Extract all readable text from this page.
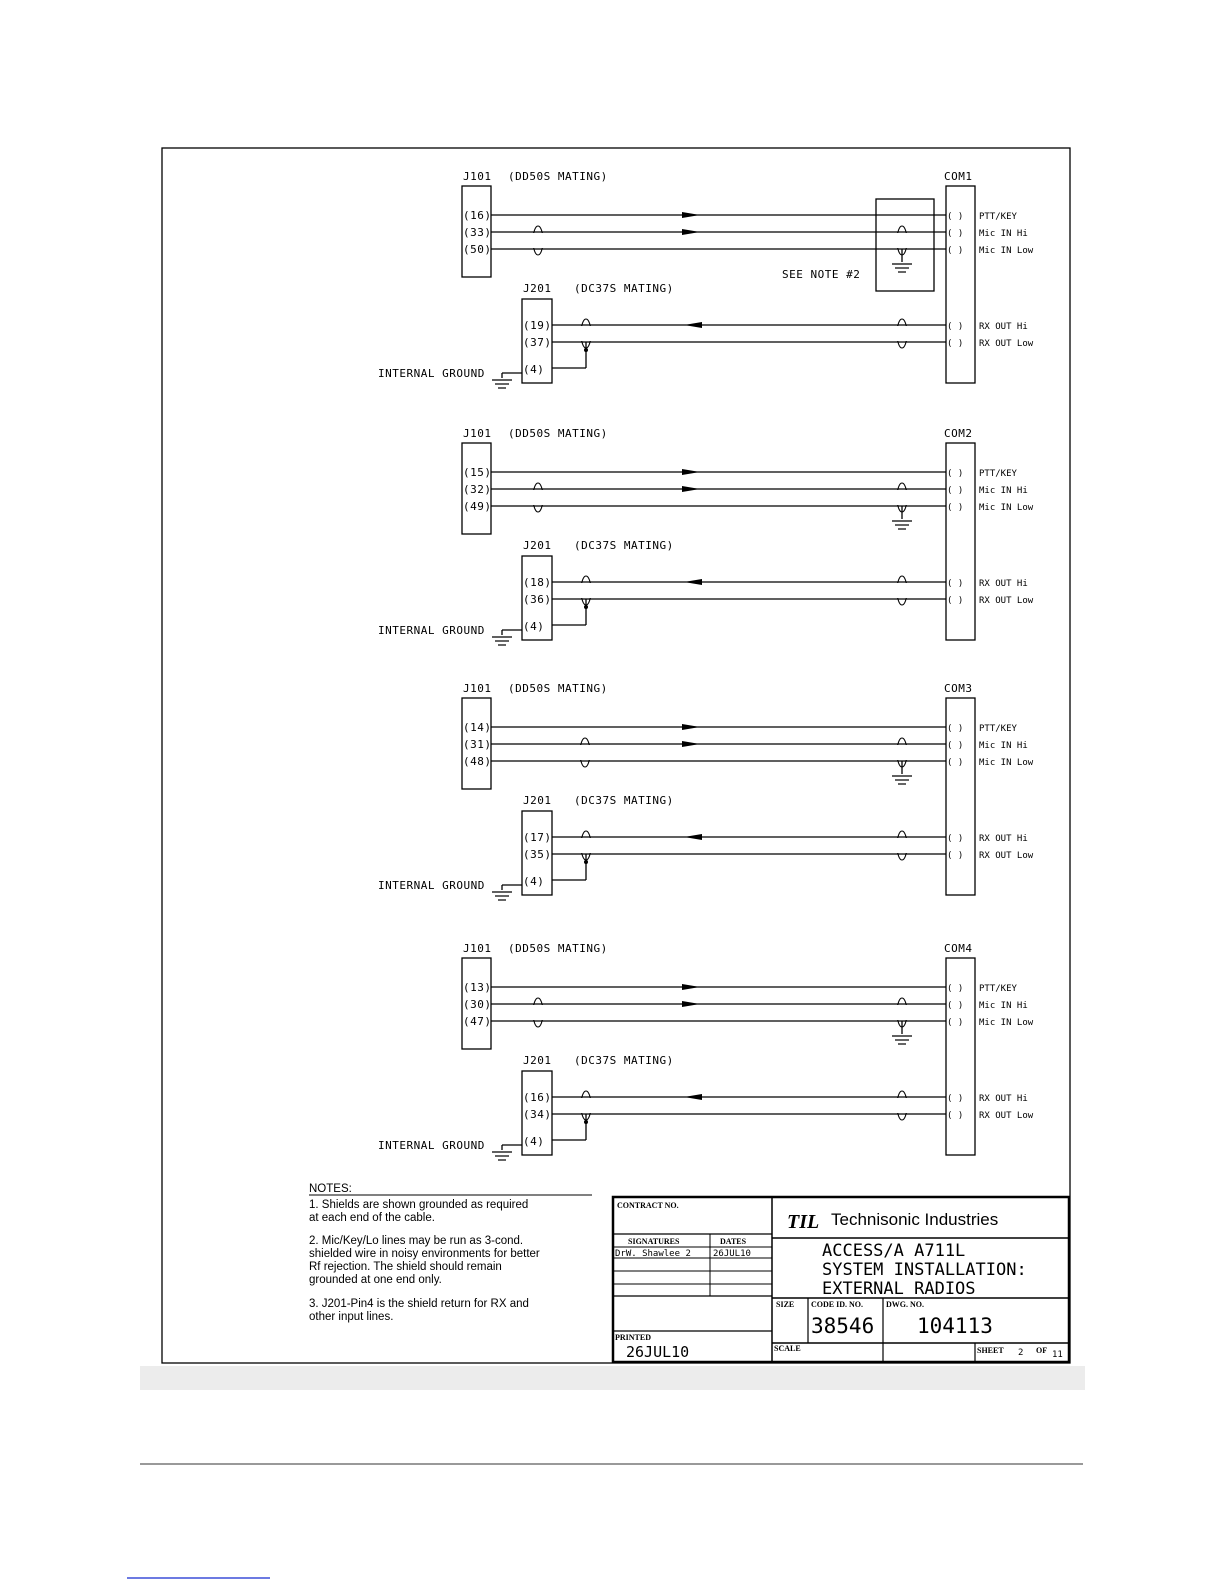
J101 (DD50S MATING)	COM1
J201 (DC37S MATING)
(16)
(33)
(50)
(19)
(37)
(4)
( ) PTT/KEY
( ) Mic IN Hi
( ) Mic IN Low
( ) RX OUT Hi
( ) RX OUT Low
INTERNAL GROUND
SEE NOTE #2
J101 (DD50S MATING)	COM2
J201 (DC37S MATING)
(15)
(32)
(49)
(18)
(36)
(4)
( ) PTT/KEY
( ) Mic IN Hi
( ) Mic IN Low
( ) RX OUT Hi
( ) RX OUT Low
INTERNAL GROUND
J101 (DD50S MATING)	COM3
J201 (DC37S MATING)
(14)
(31)
(48)
(17)
(35)
(4)
( ) PTT/KEY
( ) Mic IN Hi
( ) Mic IN Low
( ) RX OUT Hi
( ) RX OUT Low
INTERNAL GROUND
J101 (DD50S MATING)	COM4
J201 (DC37S MATING)
(13)
(30)
(47)
(16)
(34)
(4)
( ) PTT/KEY
( ) Mic IN Hi
( ) Mic IN Low
( ) RX OUT Hi
( ) RX OUT Low
INTERNAL GROUND
NOTES:
1. Shields are shown grounded as required
at each end of the cable.
2. Mic/Key/Lo lines may be run as 3-cond.
shielded wire in noisy environments for better
Rf rejection. The shield should remain
grounded at one end only.
3. J201-Pin4 is the shield return for RX and
other input lines.
CONTRACT NO.
SIGNATURES	DATES
DrW. Shawlee 2 26JUL10
TIL Technisonic Industries
ACCESS/A A711L
SYSTEM INSTALLATION:
EXTERNAL RADIOS
SIZE CODE ID. NO.	DWG. NO.
38546 104113
PRINTED
26JUL10	SCALE	SHEET 2 OF 11
